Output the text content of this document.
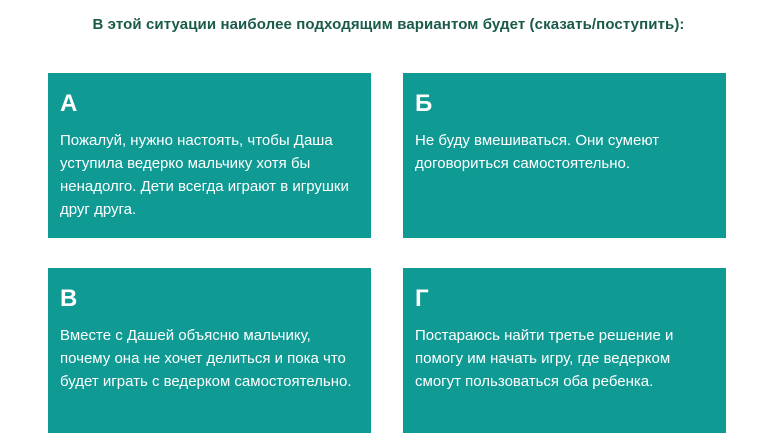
В этой ситуации наиболее подходящим вариантом будет (сказать/поступить):
А
Пожалуй, нужно настоять, чтобы Даша уступила ведерко мальчику хотя бы ненадолго. Дети всегда играют в игрушки друг друга.
Б
Не буду вмешиваться. Они сумеют договориться самостоятельно.
В
Вместе с Дашей объясню мальчику, почему она не хочет делиться и пока что будет играть с ведерком самостоятельно.
Г
Постараюсь найти третье решение и помогу им начать игру, где ведерком смогут пользоваться оба ребенка.
